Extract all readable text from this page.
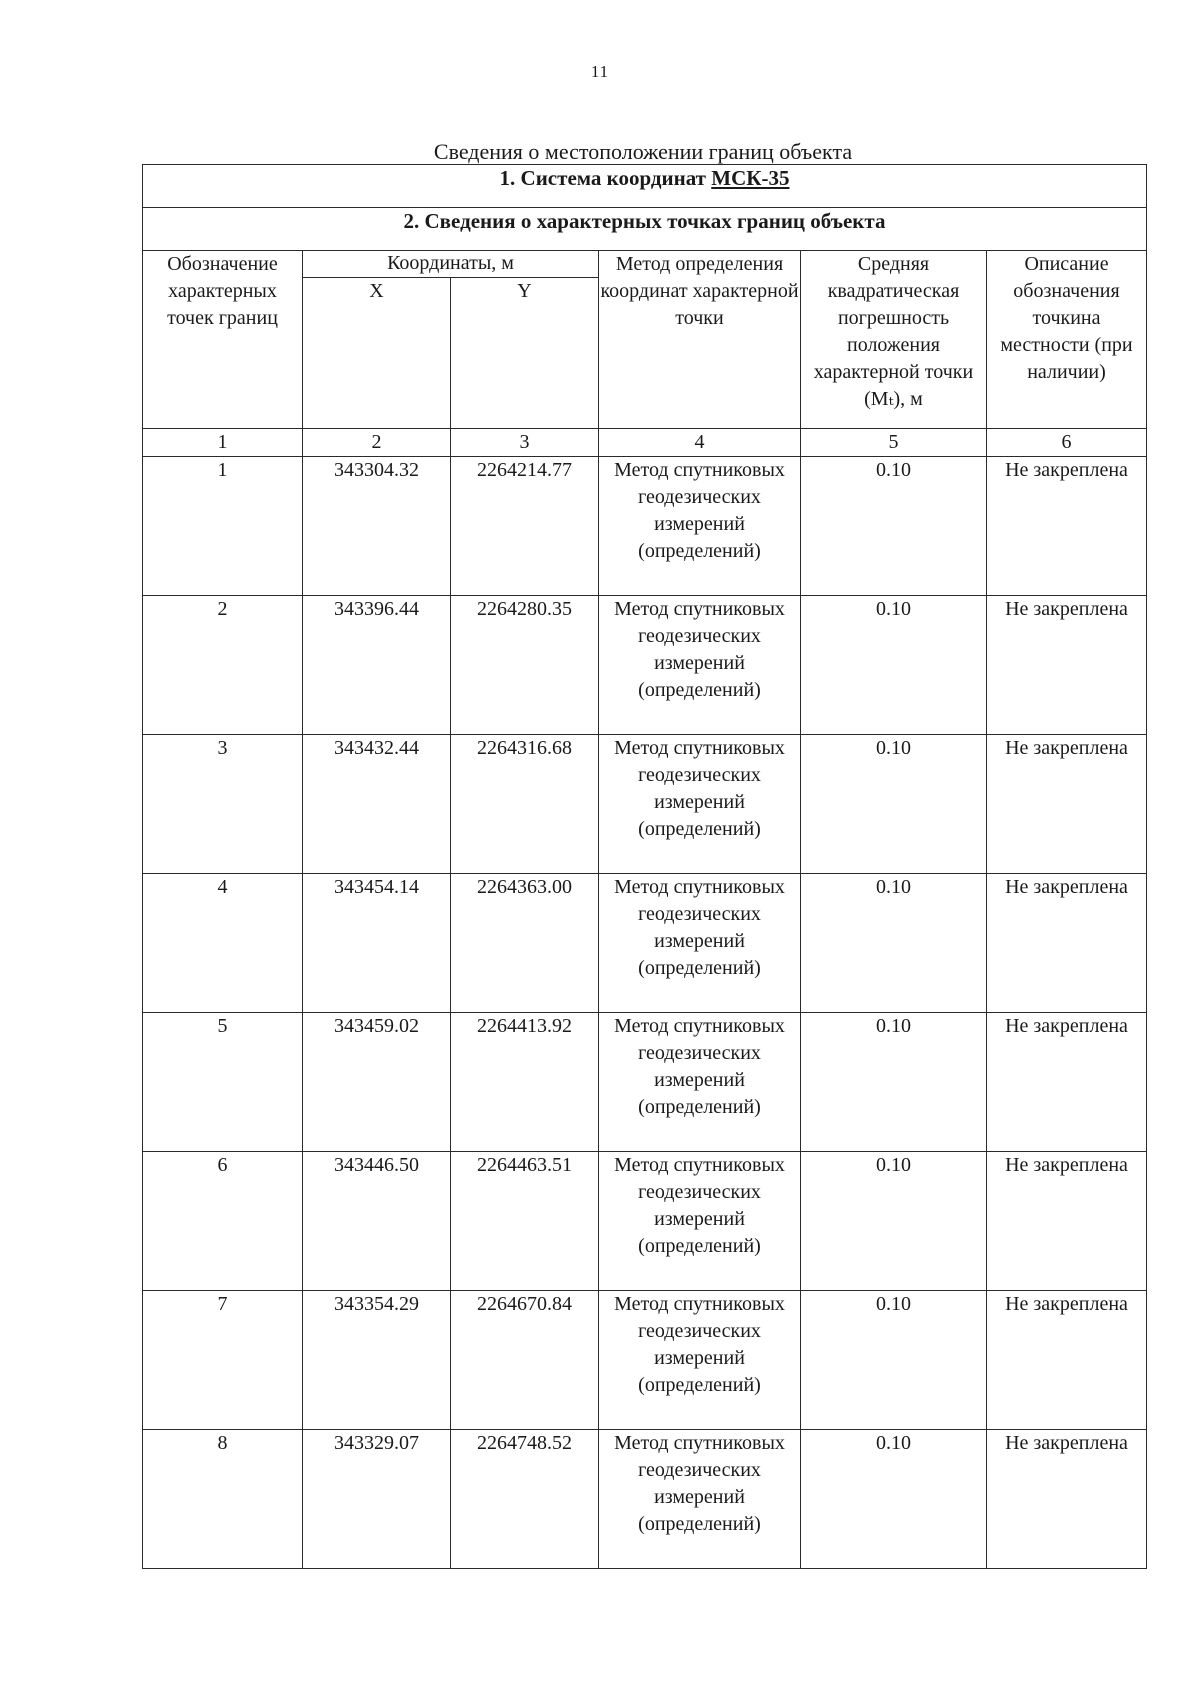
11
Сведения о местоположении границ объекта
1. Система координат МСК-35					
2. Сведения о характерных точках границ объекта					
Обозначение характерных точек границ	Координаты, м		Метод определения координат характерной точки	Средняя квадратическая погрешность положения характерной точки (Mₜ), м	Описание обозначения точкина местности (при наличии)
	X	Y			
1	2	3	4	5	6
1	343304.32	2264214.77	Метод спутниковых геодезических измерений (определений)	0.10	Не закреплена
2	343396.44	2264280.35	Метод спутниковых геодезических измерений (определений)	0.10	Не закреплена
3	343432.44	2264316.68	Метод спутниковых геодезических измерений (определений)	0.10	Не закреплена
4	343454.14	2264363.00	Метод спутниковых геодезических измерений (определений)	0.10	Не закреплена
5	343459.02	2264413.92	Метод спутниковых геодезических измерений (определений)	0.10	Не закреплена
6	343446.50	2264463.51	Метод спутниковых геодезических измерений (определений)	0.10	Не закреплена
7	343354.29	2264670.84	Метод спутниковых геодезических измерений (определений)	0.10	Не закреплена
8	343329.07	2264748.52	Метод спутниковых геодезических измерений (определений)	0.10	Не закреплена
